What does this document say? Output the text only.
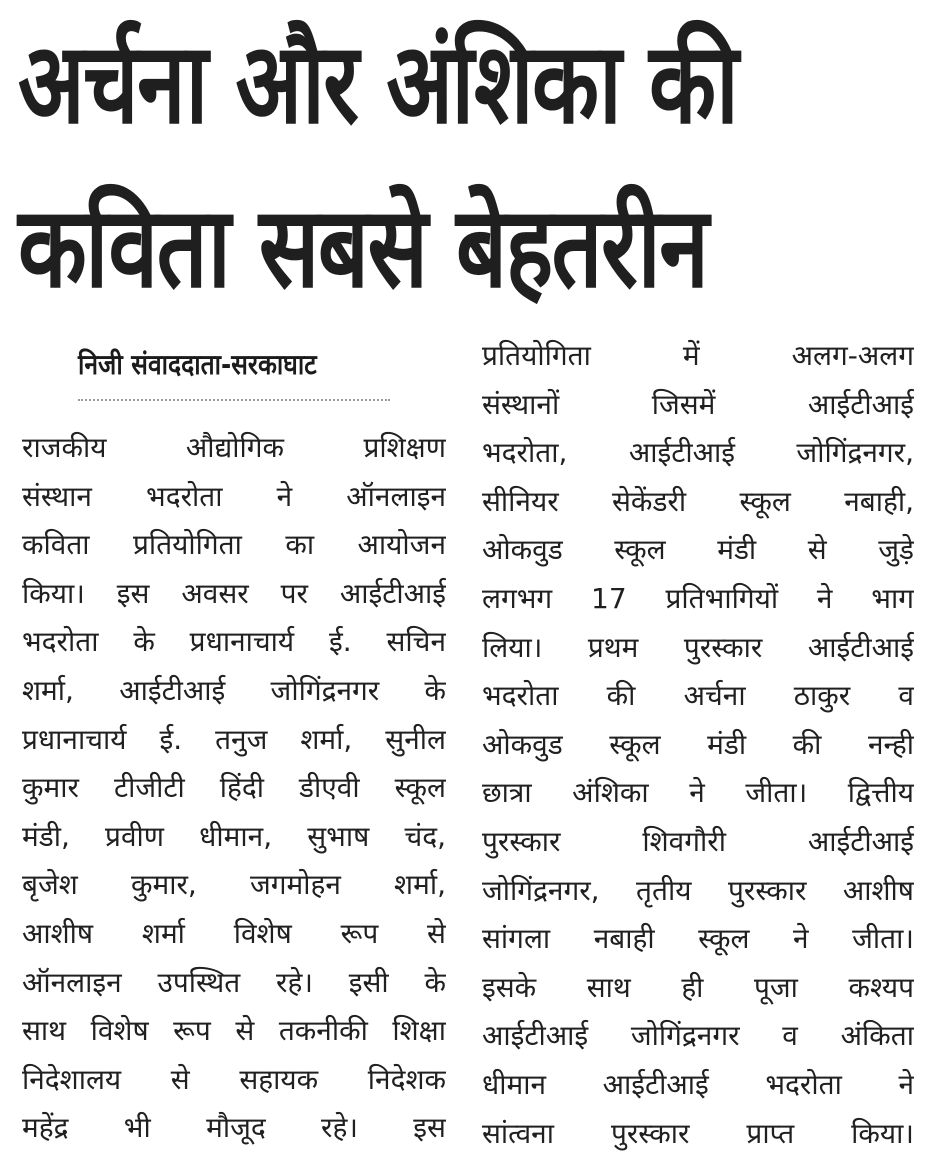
अर्चना और अंशिका की
कविता सबसे बेहतरीन
निजी संवाददाता-सरकाघाट
राजकीय औद्योगिक प्रशिक्षण
संस्थान भदरोता ने ऑनलाइन
कविता प्रतियोगिता का आयोजन
किया। इस अवसर पर आईटीआई
भदरोता के प्रधानाचार्य ई. सचिन
शर्मा, आईटीआई जोगिंद्रनगर के
प्रधानाचार्य ई. तनुज शर्मा, सुनील
कुमार टीजीटी हिंदी डीएवी स्कूल
मंडी, प्रवीण धीमान, सुभाष चंद,
बृजेश कुमार, जगमोहन शर्मा,
आशीष शर्मा विशेष रूप से
ऑनलाइन उपस्थित रहे। इसी के
साथ विशेष रूप से तकनीकी शिक्षा
निदेशालय से सहायक निदेशक
महेंद्र भी मौजूद रहे। इस
प्रतियोगिता में अलग-अलग
संस्थानों जिसमें आईटीआई
भदरोता, आईटीआई जोगिंद्रनगर,
सीनियर सेकेंडरी स्कूल नबाही,
ओकवुड स्कूल मंडी से जुड़े
लगभग 17 प्रतिभागियों ने भाग
लिया। प्रथम पुरस्कार आईटीआई
भदरोता की अर्चना ठाकुर व
ओकवुड स्कूल मंडी की नन्ही
छात्रा अंशिका ने जीता। द्वित्तीय
पुरस्कार शिवगौरी आईटीआई
जोगिंद्रनगर, तृतीय पुरस्कार आशीष
सांगला नबाही स्कूल ने जीता।
इसके साथ ही पूजा कश्यप
आईटीआई जोगिंद्रनगर व अंकिता
धीमान आईटीआई भदरोता ने
सांत्वना पुरस्कार प्राप्त किया।
